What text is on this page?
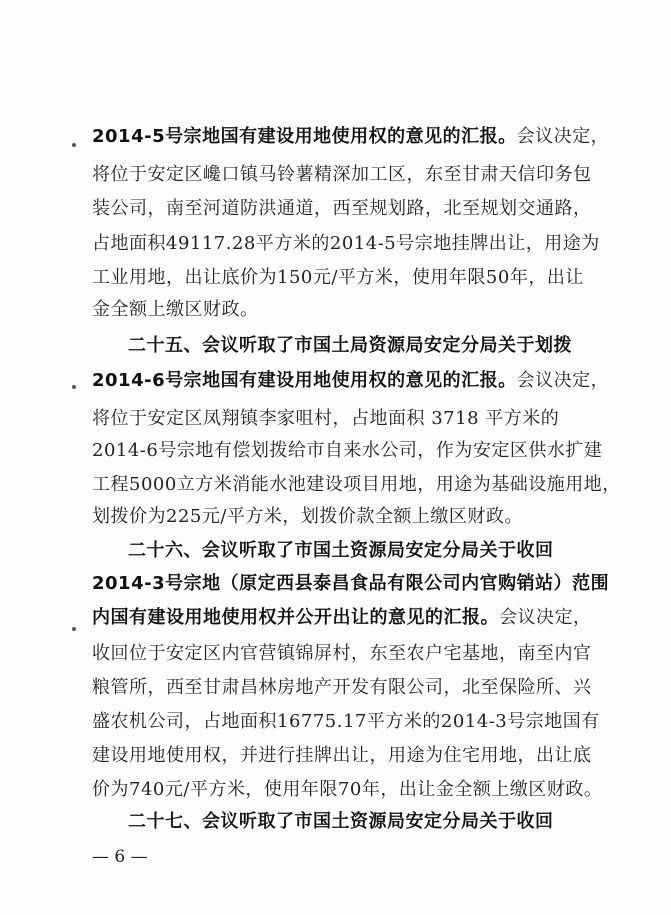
2014-5号宗地国有建设用地使用权的意见的汇报。会议决定，
将位于安定区巉口镇马铃薯精深加工区，东至甘肃天信印务包
装公司，南至河道防洪通道，西至规划路，北至规划交通路，
占地面积49117.28平方米的2014-5号宗地挂牌出让，用途为
工业用地，出让底价为150元/平方米，使用年限50年，出让
金全额上缴区财政。
二十五、会议听取了市国土局资源局安定分局关于划拨
2014-6号宗地国有建设用地使用权的意见的汇报。会议决定，
将位于安定区凤翔镇李家咀村，占地面积 3718 平方米的
2014-6号宗地有偿划拨给市自来水公司，作为安定区供水扩建
工程5000立方米消能水池建设项目用地，用途为基础设施用地，
划拨价为225元/平方米，划拨价款全额上缴区财政。
二十六、会议听取了市国土资源局安定分局关于收回
2014-3号宗地（原定西县泰昌食品有限公司内官购销站）范围
内国有建设用地使用权并公开出让的意见的汇报。会议决定，
收回位于安定区内官营镇锦屏村，东至农户宅基地，南至内官
粮管所，西至甘肃昌林房地产开发有限公司，北至保险所、兴
盛农机公司，占地面积16775.17平方米的2014-3号宗地国有
建设用地使用权，并进行挂牌出让，用途为住宅用地，出让底
价为740元/平方米，使用年限70年，出让金全额上缴区财政。
二十七、会议听取了市国土资源局安定分局关于收回
— 6 —
